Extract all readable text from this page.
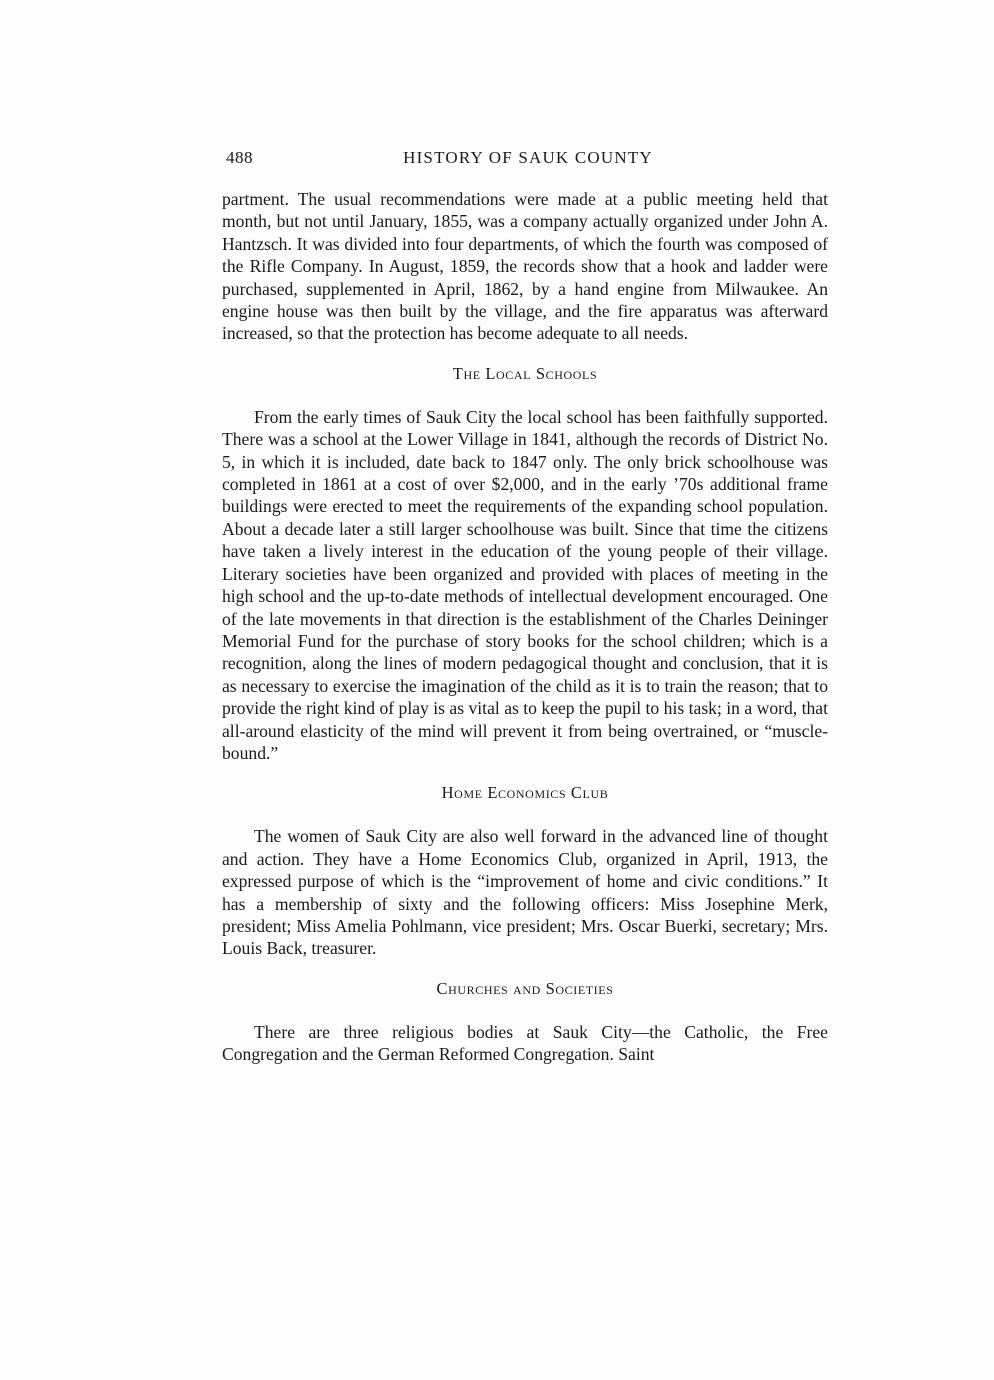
488	HISTORY OF SAUK COUNTY

partment. The usual recommendations were made at a public meeting held that month, but not until January, 1855, was a company actually organized under John A. Hantzsch. It was divided into four departments, of which the fourth was composed of the Rifle Company. In August, 1859, the records show that a hook and ladder were purchased, supplemented in April, 1862, by a hand engine from Milwaukee. An engine house was then built by the village, and the fire apparatus was afterward increased, so that the protection has become adequate to all needs.

The Local Schools

From the early times of Sauk City the local school has been faithfully supported. There was a school at the Lower Village in 1841, although the records of District No. 5, in which it is included, date back to 1847 only. The only brick schoolhouse was completed in 1861 at a cost of over $2,000, and in the early ’70s additional frame buildings were erected to meet the requirements of the expanding school population. About a decade later a still larger schoolhouse was built. Since that time the citizens have taken a lively interest in the education of the young people of their village. Literary societies have been organized and provided with places of meeting in the high school and the up-to-date methods of intellectual development encouraged. One of the late movements in that direction is the establishment of the Charles Deininger Memorial Fund for the purchase of story books for the school children; which is a recognition, along the lines of modern pedagogical thought and conclusion, that it is as necessary to exercise the imagination of the child as it is to train the reason; that to provide the right kind of play is as vital as to keep the pupil to his task; in a word, that all-around elasticity of the mind will prevent it from being overtrained, or “muscle-bound.”

Home Economics Club

The women of Sauk City are also well forward in the advanced line of thought and action. They have a Home Economics Club, organized in April, 1913, the expressed purpose of which is the “improvement of home and civic conditions.” It has a membership of sixty and the following officers: Miss Josephine Merk, president; Miss Amelia Pohlmann, vice president; Mrs. Oscar Buerki, secretary; Mrs. Louis Back, treasurer.

Churches and Societies

There are three religious bodies at Sauk City—the Catholic, the Free Congregation and the German Reformed Congregation. Saint
